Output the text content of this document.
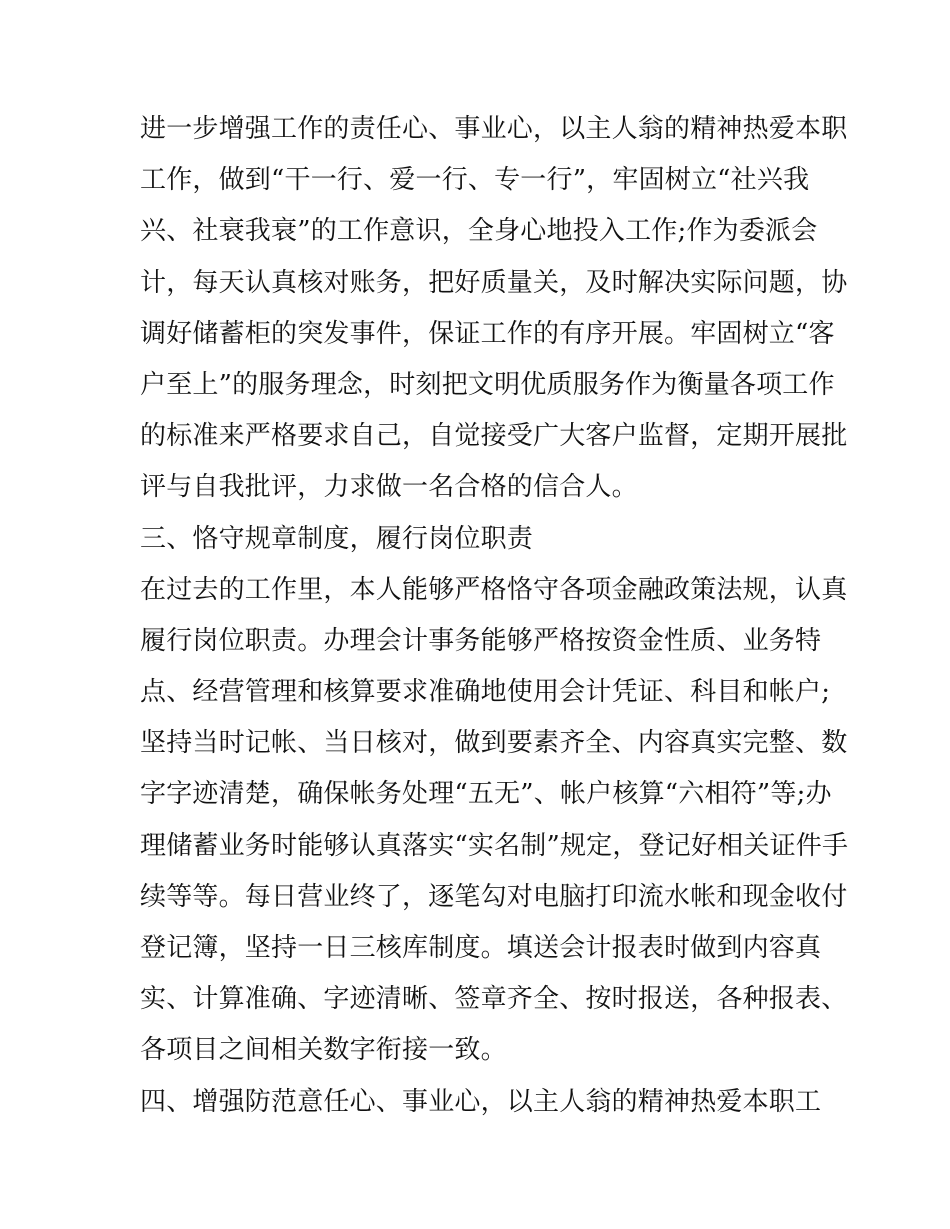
进一步增强工作的责任心、事业心，以主人翁的精神热爱本职
工作，做到“干一行、爱一行、专一行”，牢固树立“社兴我
兴、社衰我衰”的工作意识，全身心地投入工作;作为委派会
计，每天认真核对账务，把好质量关，及时解决实际问题，协
调好储蓄柜的突发事件，保证工作的有序开展。牢固树立“客
户至上”的服务理念，时刻把文明优质服务作为衡量各项工作
的标准来严格要求自己，自觉接受广大客户监督，定期开展批
评与自我批评，力求做一名合格的信合人。
三、恪守规章制度，履行岗位职责
在过去的工作里，本人能够严格恪守各项金融政策法规，认真
履行岗位职责。办理会计事务能够严格按资金性质、业务特
点、经营管理和核算要求准确地使用会计凭证、科目和帐户;
坚持当时记帐、当日核对，做到要素齐全、内容真实完整、数
字字迹清楚，确保帐务处理“五无”、帐户核算“六相符”等;办
理储蓄业务时能够认真落实“实名制”规定，登记好相关证件手
续等等。每日营业终了，逐笔勾对电脑打印流水帐和现金收付
登记簿，坚持一日三核库制度。填送会计报表时做到内容真
实、计算准确、字迹清晰、签章齐全、按时报送，各种报表、
各项目之间相关数字衔接一致。
四、增强防范意任心、事业心，以主人翁的精神热爱本职工
